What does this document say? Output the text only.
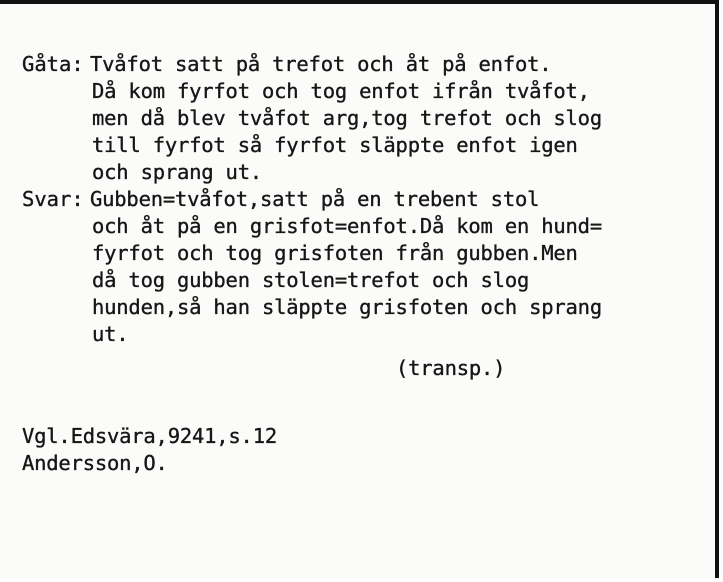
Gåta: Tvåfot satt på trefot och åt på enfot.
Då kom fyrfot och tog enfot ifrån tvåfot,
men då blev tvåfot arg,tog trefot och slog
till fyrfot så fyrfot släppte enfot igen
och sprang ut.
Svar: Gubben=tvåfot,satt på en trebent stol
och åt på en grisfot=enfot.Då kom en hund=
fyrfot och tog grisfoten från gubben.Men
då tog gubben stolen=trefot och slog
hunden,så han släppte grisfoten och sprang
ut.
(transp.)
Vgl.Edsvära,9241,s.12
Andersson,O.
